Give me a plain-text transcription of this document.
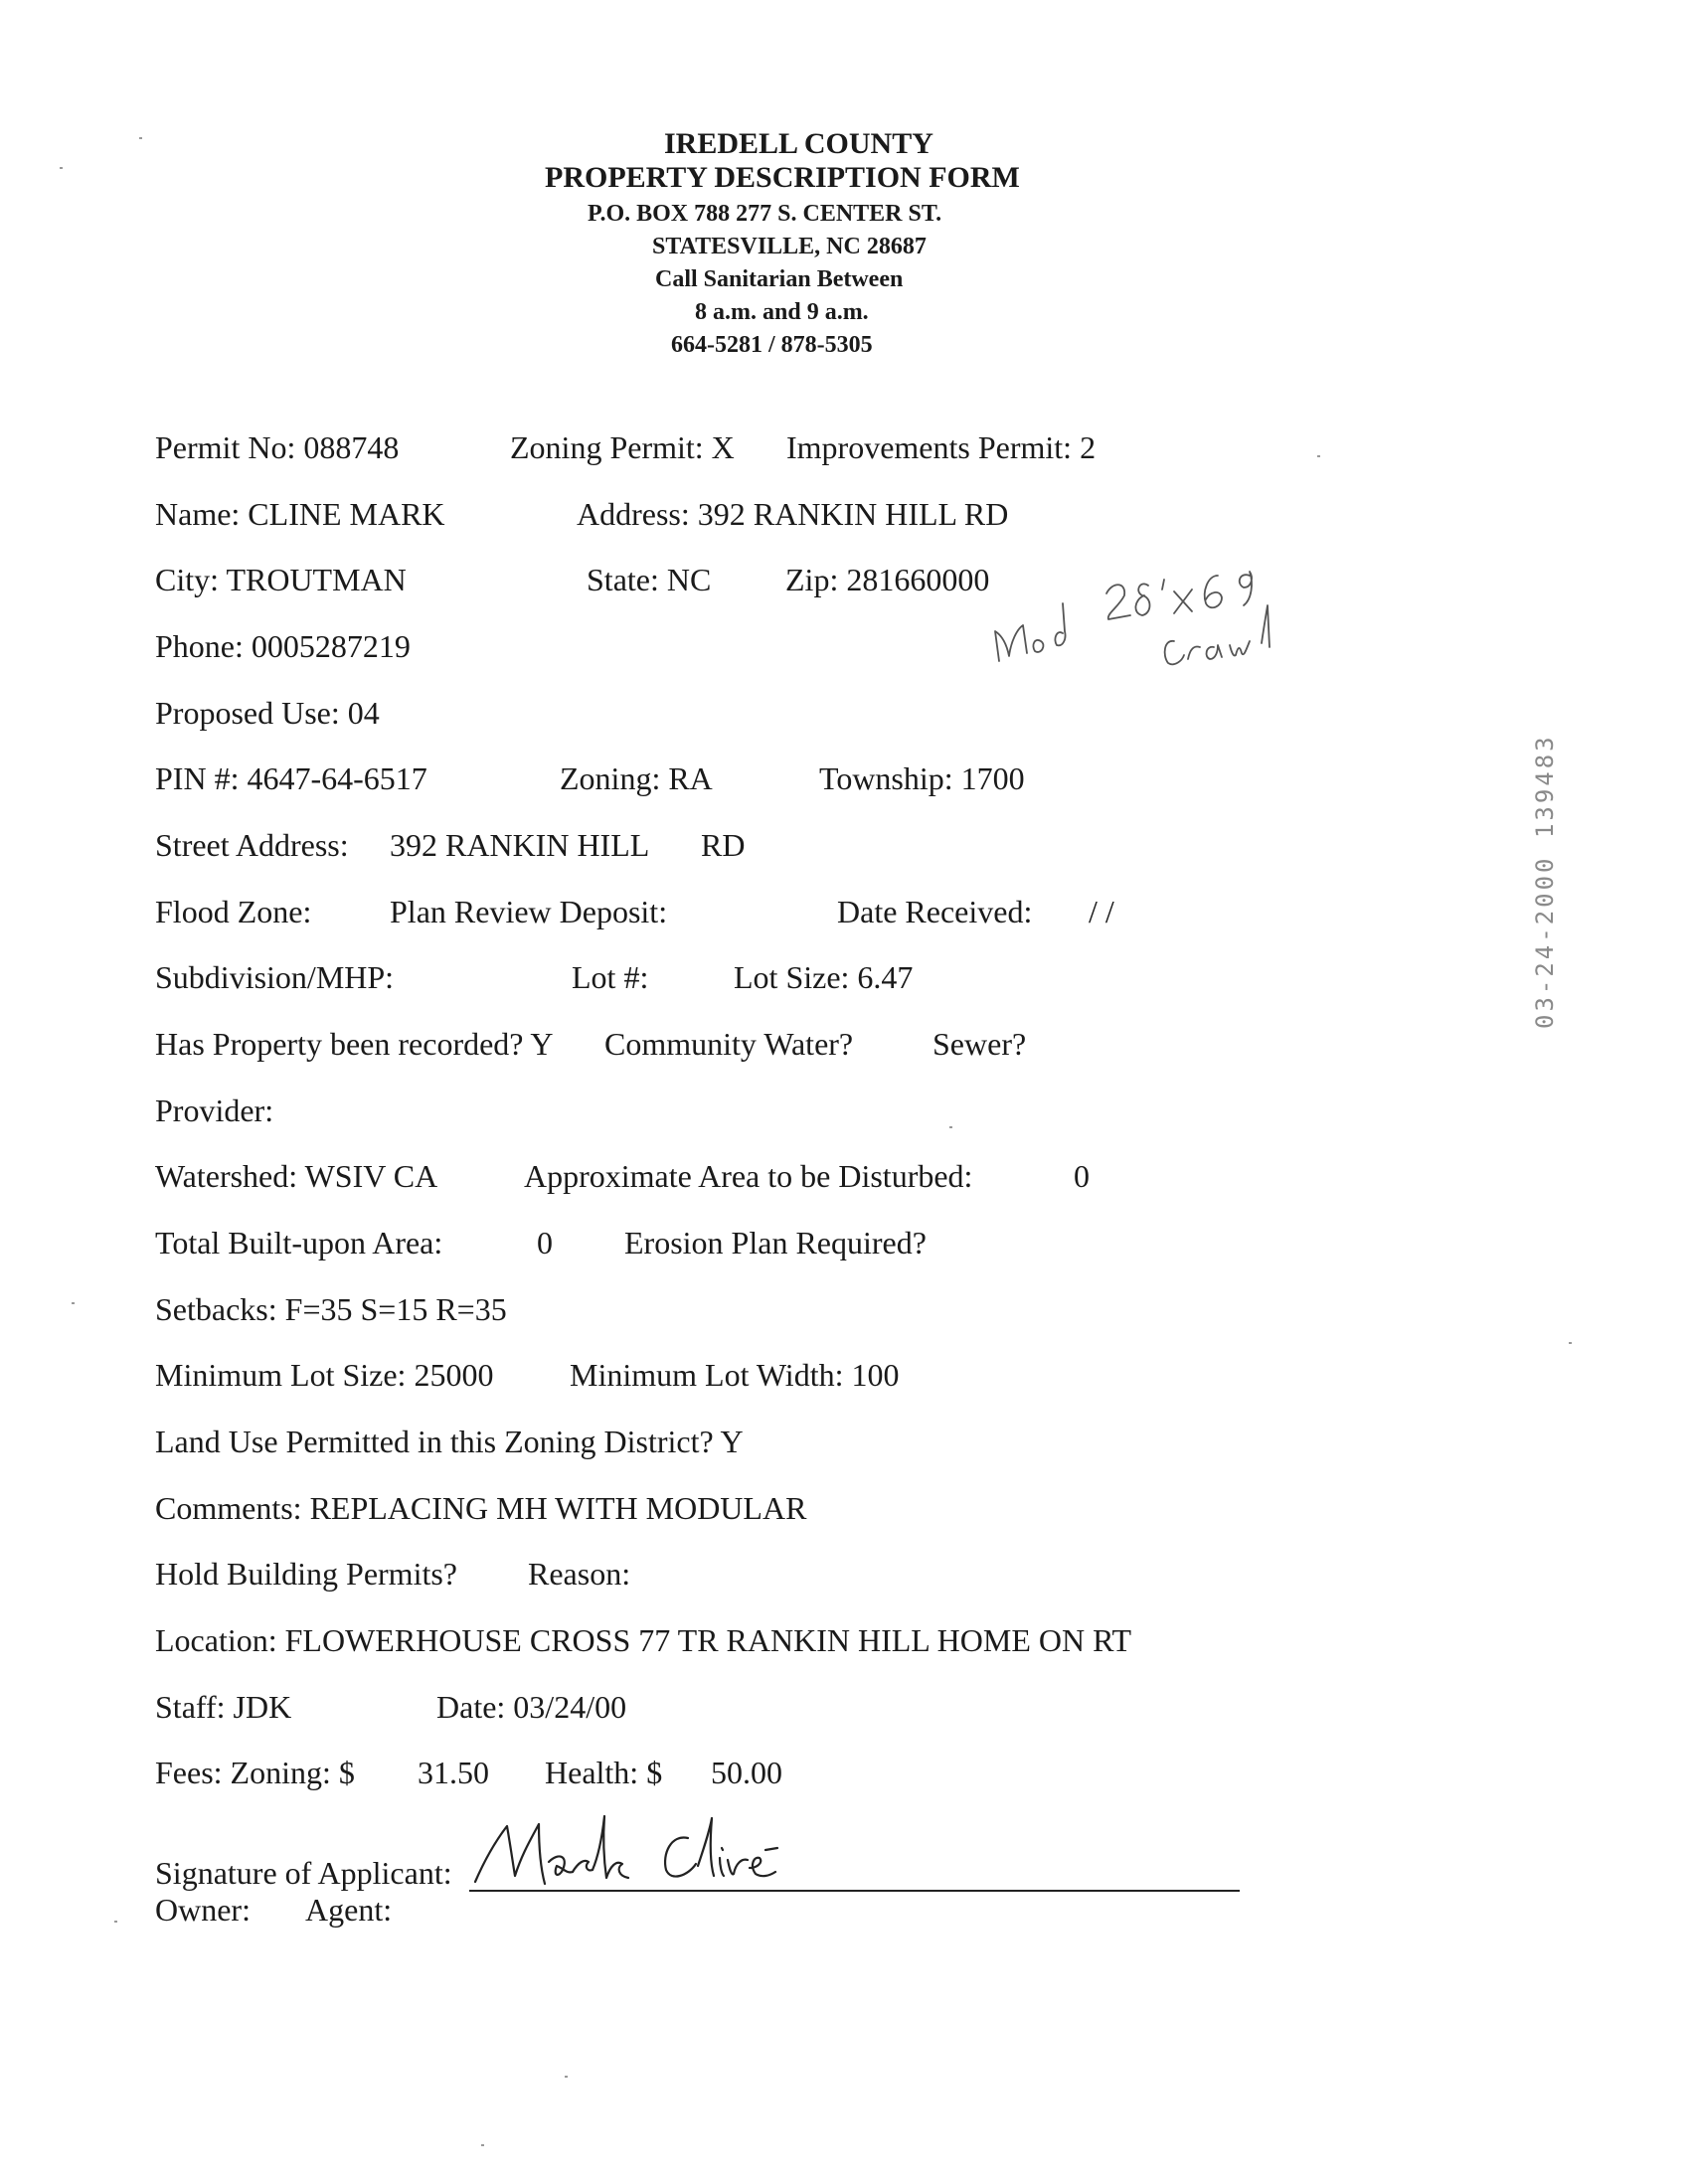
IREDELL COUNTY
PROPERTY DESCRIPTION FORM
P.O. BOX 788 277 S. CENTER ST.
STATESVILLE, NC 28687
Call Sanitarian Between
8 a.m. and 9 a.m.
664-5281 / 878-5305
Permit No: 088748	Zoning Permit: X Improvements Permit: 2
Name: CLINE MARK	Address: 392 RANKIN HILL RD
City: TROUTMAN	State: NC Zip: 281660000
Phone: 0005287219
Proposed Use: 04
PIN #: 4647-64-6517	Zoning: RA	Township: 1700
Street Address: 392 RANKIN HILL RD
Flood Zone: Plan Review Deposit:	Date Received: / /
Subdivision/MHP:	Lot #:	Lot Size: 6.47
Has Property been recorded? Y Community Water? Sewer?
Provider:
Watershed: WSIV CA	Approximate Area to be Disturbed:	0
Total Built-upon Area:	0 Erosion Plan Required?
Setbacks: F=35 S=15 R=35
Minimum Lot Size: 25000 Minimum Lot Width: 100
Land Use Permitted in this Zoning District? Y
Comments: REPLACING MH WITH MODULAR
Hold Building Permits? Reason:
Location: FLOWERHOUSE CROSS 77 TR RANKIN HILL HOME ON RT
Staff: JDK	Date: 03/24/00
Fees: Zoning: $ 31.50 Health: $ 50.00
Signature of Applicant:
Owner: Agent:
03-24-2000 139483
